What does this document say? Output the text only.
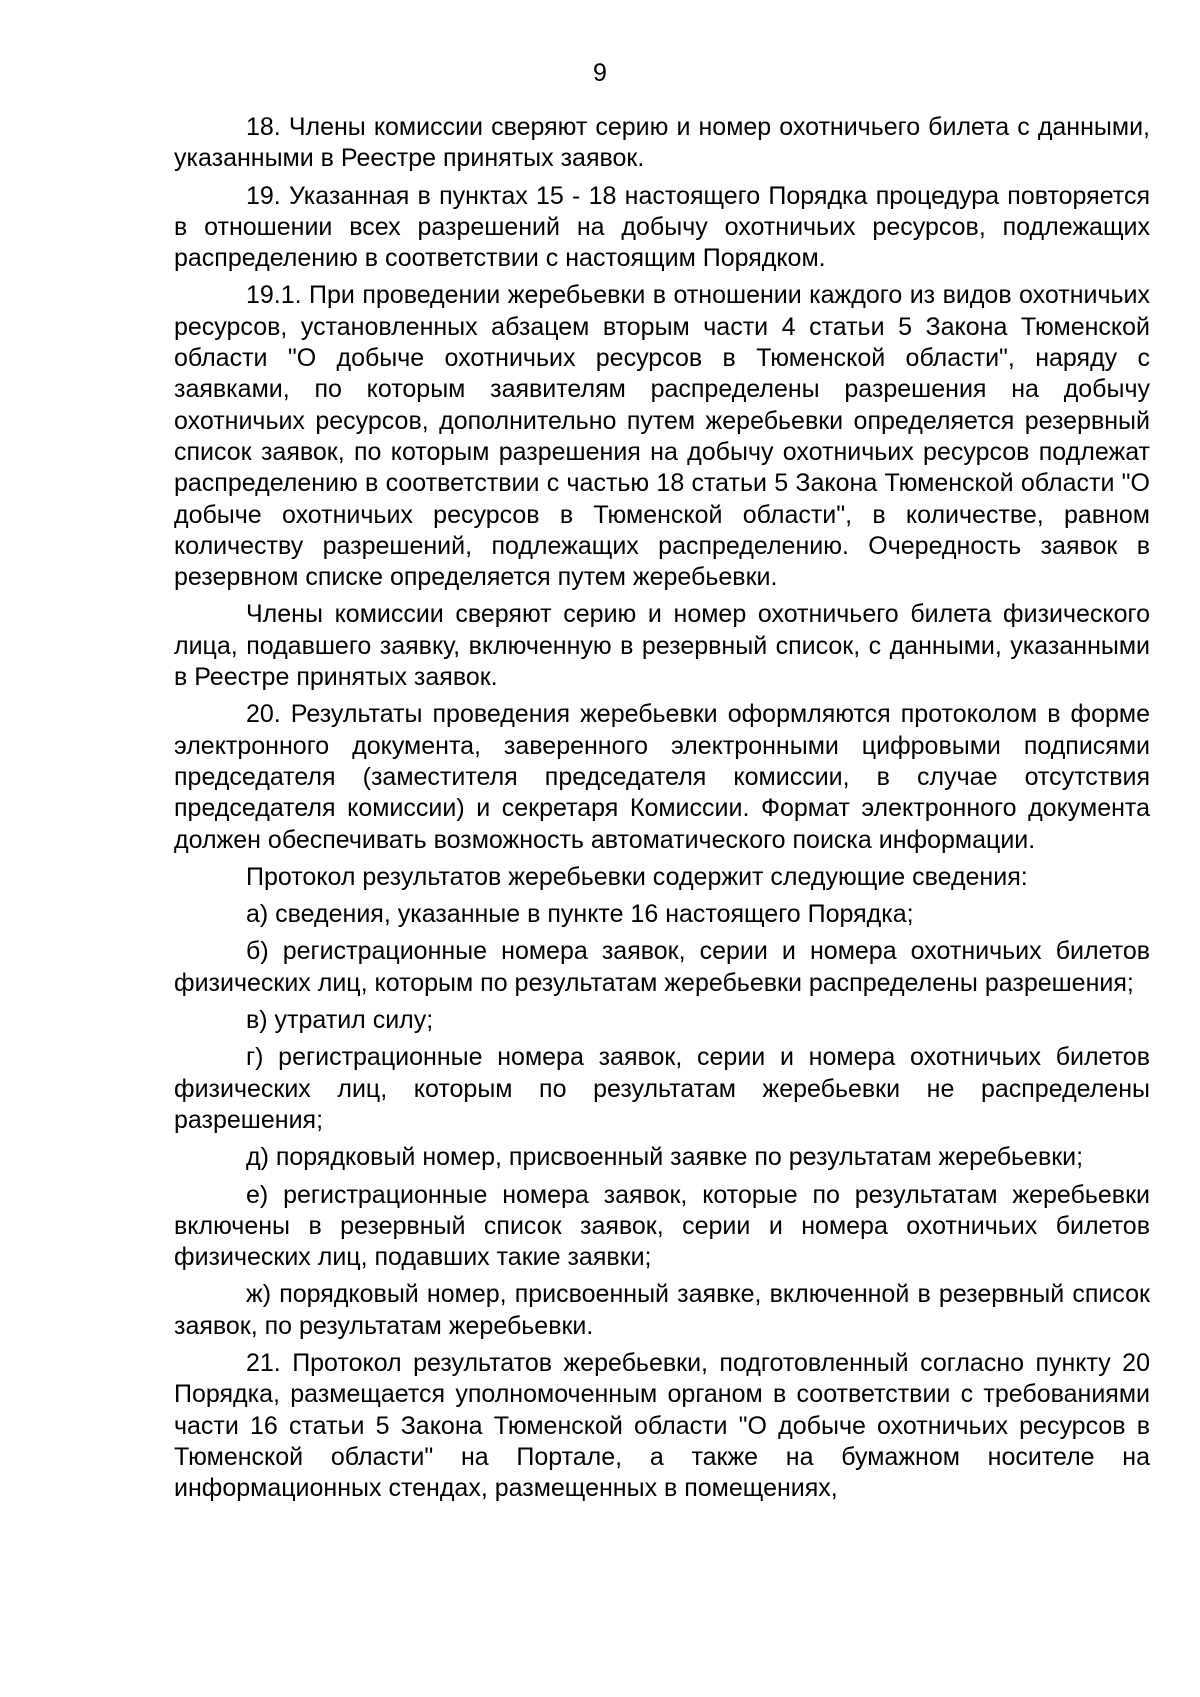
9

18. Члены комиссии сверяют серию и номер охотничьего билета с данными, указанными в Реестре принятых заявок.

19. Указанная в пунктах 15 - 18 настоящего Порядка процедура повторяется в отношении всех разрешений на добычу охотничьих ресурсов, подлежащих распределению в соответствии с настоящим Порядком.

19.1. При проведении жеребьевки в отношении каждого из видов охотничьих ресурсов, установленных абзацем вторым части 4 статьи 5 Закона Тюменской области "О добыче охотничьих ресурсов в Тюменской области", наряду с заявками, по которым заявителям распределены разрешения на добычу охотничьих ресурсов, дополнительно путем жеребьевки определяется резервный список заявок, по которым разрешения на добычу охотничьих ресурсов подлежат распределению в соответствии с частью 18 статьи 5 Закона Тюменской области "О добыче охотничьих ресурсов в Тюменской области", в количестве, равном количеству разрешений, подлежащих распределению. Очередность заявок в резервном списке определяется путем жеребьевки.

Члены комиссии сверяют серию и номер охотничьего билета физического лица, подавшего заявку, включенную в резервный список, с данными, указанными в Реестре принятых заявок.

20. Результаты проведения жеребьевки оформляются протоколом в форме электронного документа, заверенного электронными цифровыми подписями председателя (заместителя председателя комиссии, в случае отсутствия председателя комиссии) и секретаря Комиссии. Формат электронного документа должен обеспечивать возможность автоматического поиска информации.

Протокол результатов жеребьевки содержит следующие сведения:

а) сведения, указанные в пункте 16 настоящего Порядка;

б) регистрационные номера заявок, серии и номера охотничьих билетов физических лиц, которым по результатам жеребьевки распределены разрешения;

в) утратил силу;

г) регистрационные номера заявок, серии и номера охотничьих билетов физических лиц, которым по результатам жеребьевки не распределены разрешения;

д) порядковый номер, присвоенный заявке по результатам жеребьевки;

е) регистрационные номера заявок, которые по результатам жеребьевки включены в резервный список заявок, серии и номера охотничьих билетов физических лиц, подавших такие заявки;

ж) порядковый номер, присвоенный заявке, включенной в резервный список заявок, по результатам жеребьевки.

21. Протокол результатов жеребьевки, подготовленный согласно пункту 20 Порядка, размещается уполномоченным органом в соответствии с требованиями части 16 статьи 5 Закона Тюменской области "О добыче охотничьих ресурсов в Тюменской области" на Портале, а также на бумажном носителе на информационных стендах, размещенных в помещениях,
